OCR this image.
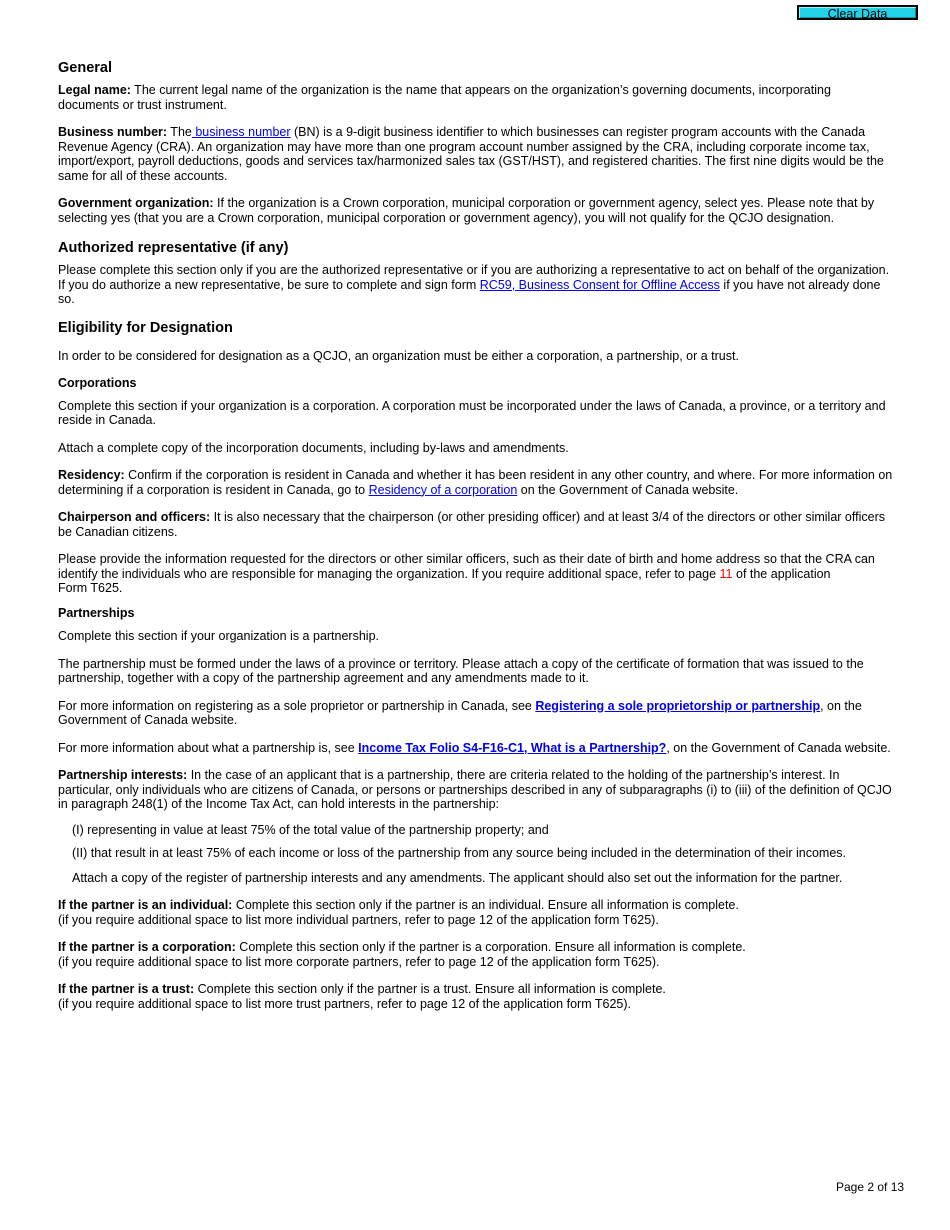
Clear Data
General

Legal name: The current legal name of the organization is the name that appears on the organization’s governing documents, incorporating documents or trust instrument.

Business number: The business number (BN) is a 9-digit business identifier to which businesses can register program accounts with the Canada Revenue Agency (CRA). An organization may have more than one program account number assigned by the CRA, including corporate income tax, import/export, payroll deductions, goods and services tax/harmonized sales tax (GST/HST), and registered charities. The first nine digits would be the same for all of these accounts.

Government organization: If the organization is a Crown corporation, municipal corporation or government agency, select yes. Please note that by selecting yes (that you are a Crown corporation, municipal corporation or government agency), you will not qualify for the QCJO designation.

Authorized representative (if any)

Please complete this section only if you are the authorized representative or if you are authorizing a representative to act on behalf of the organization. If you do authorize a new representative, be sure to complete and sign form RC59, Business Consent for Offline Access if you have not already done so.

Eligibility for Designation

In order to be considered for designation as a QCJO, an organization must be either a corporation, a partnership, or a trust.

Corporations

Complete this section if your organization is a corporation. A corporation must be incorporated under the laws of Canada, a province, or a territory and reside in Canada.

Attach a complete copy of the incorporation documents, including by-laws and amendments.

Residency: Confirm if the corporation is resident in Canada and whether it has been resident in any other country, and where. For more information on determining if a corporation is resident in Canada, go to Residency of a corporation on the Government of Canada website.

Chairperson and officers: It is also necessary that the chairperson (or other presiding officer) and at least 3/4 of the directors or other similar officers be Canadian citizens.

Please provide the information requested for the directors or other similar officers, such as their date of birth and home address so that the CRA can identify the individuals who are responsible for managing the organization. If you require additional space, refer to page 11 of the application
Form T625.

Partnerships

Complete this section if your organization is a partnership.

The partnership must be formed under the laws of a province or territory. Please attach a copy of the certificate of formation that was issued to the partnership, together with a copy of the partnership agreement and any amendments made to it.

For more information on registering as a sole proprietor or partnership in Canada, see Registering a sole proprietorship or partnership, on the Government of Canada website.

For more information about what a partnership is, see Income Tax Folio S4-F16-C1, What is a Partnership?, on the Government of Canada website.

Partnership interests: In the case of an applicant that is a partnership, there are criteria related to the holding of the partnership’s interest. In particular, only individuals who are citizens of Canada, or persons or partnerships described in any of subparagraphs (i) to (iii) of the definition of QCJO in paragraph 248(1) of the Income Tax Act, can hold interests in the partnership:

(I) representing in value at least 75% of the total value of the partnership property; and

(II) that result in at least 75% of each income or loss of the partnership from any source being included in the determination of their incomes.

Attach a copy of the register of partnership interests and any amendments. The applicant should also set out the information for the partner.

If the partner is an individual: Complete this section only if the partner is an individual. Ensure all information is complete.
(if you require additional space to list more individual partners, refer to page 12 of the application form T625).

If the partner is a corporation: Complete this section only if the partner is a corporation. Ensure all information is complete.
(if you require additional space to list more corporate partners, refer to page 12 of the application form T625).

If the partner is a trust: Complete this section only if the partner is a trust. Ensure all information is complete.
(if you require additional space to list more trust partners, refer to page 12 of the application form T625).

Page 2 of 13
